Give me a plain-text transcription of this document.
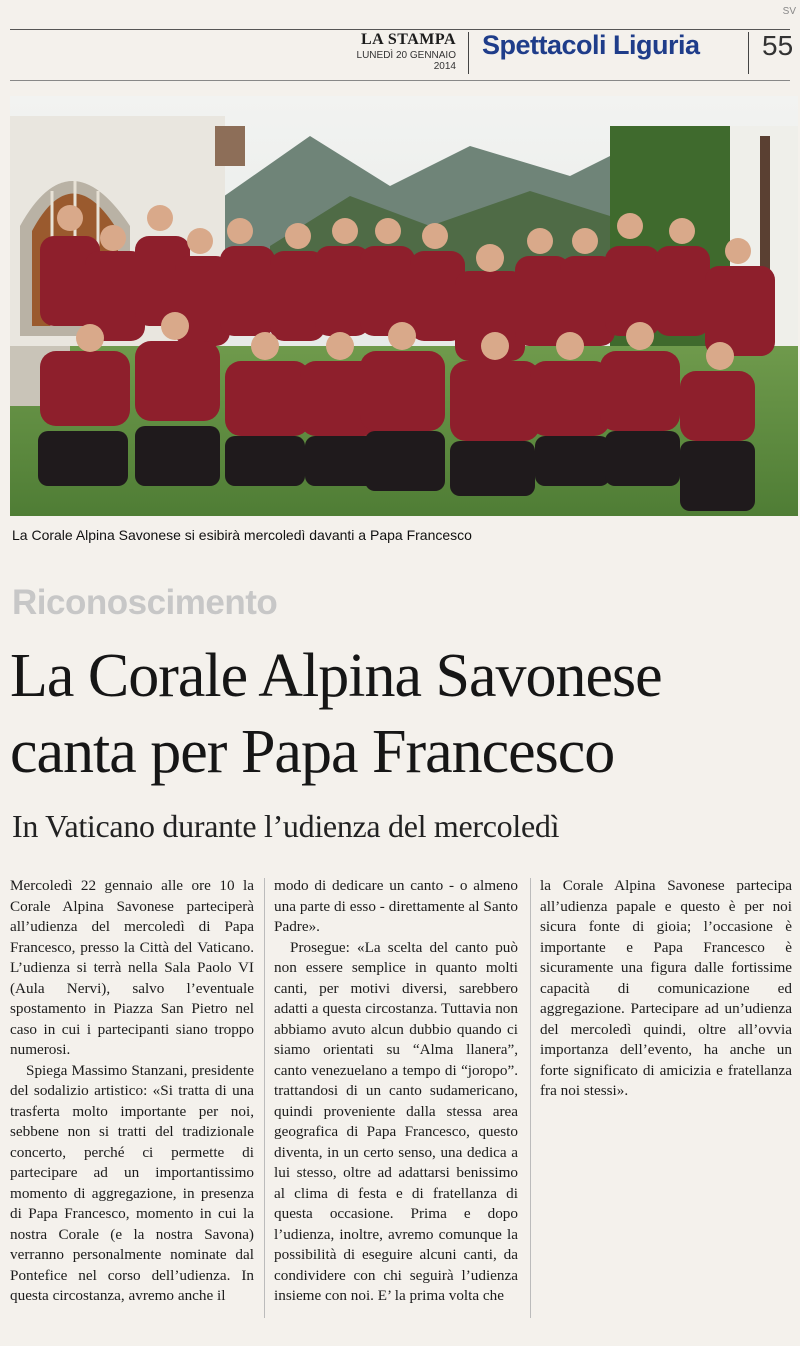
SV
LA STAMPA
LUNEDÌ 20 GENNAIO 2014
Spettacoli Liguria 55
La Corale Alpina Savonese si esibirà mercoledì davanti a Papa Francesco
Riconoscimento
La Corale Alpina Savonese
canta per Papa Francesco
In Vaticano durante l’udienza del mercoledì

Mercoledì 22 gennaio alle ore 10 la Corale Alpina Savonese parteciperà all’udienza del mercoledì di Papa Francesco, presso la Città del Vaticano. L’udienza si terrà nella Sala Paolo VI (Aula Nervi), salvo l’eventuale spostamento in Piazza San Pietro nel caso in cui i partecipanti siano troppo numerosi.

Spiega Massimo Stanzani, presidente del sodalizio artistico: «Si tratta di una trasferta molto importante per noi, sebbene non si tratti del tradizionale concerto, perché ci permette di partecipare ad un importantissimo momento di aggregazione, in presenza di Papa Francesco, momento in cui la nostra Corale (e la nostra Savona) verranno personalmente nominate dal Pontefice nel corso dell’udienza. In questa circostanza, avremo anche il

modo di dedicare un canto - o almeno una parte di esso - direttamente al Santo Padre».

Prosegue: «La scelta del canto può non essere semplice in quanto molti canti, per motivi diversi, sarebbero adatti a questa circostanza. Tuttavia non abbiamo avuto alcun dubbio quando ci siamo orientati su “Alma llanera”, canto venezuelano a tempo di “joropo”. trattandosi di un canto sudamericano, quindi proveniente dalla stessa area geografica di Papa Francesco, questo diventa, in un certo senso, una dedica a lui stesso, oltre ad adattarsi benissimo al clima di festa e di fratellanza di questa occasione. Prima e dopo l’udienza, inoltre, avremo comunque la possibilità di eseguire alcuni canti, da condividere con chi seguirà l’udienza insieme con noi. E’ la prima volta che

la Corale Alpina Savonese partecipa all’udienza papale e questo è per noi sicura fonte di gioia; l’occasione è importante e Papa Francesco è sicuramente una figura dalle fortissime capacità di comunicazione ed aggregazione. Partecipare ad un’udienza del mercoledì quindi, oltre all’ovvia importanza dell’evento, ha anche un forte significato di amicizia e fratellanza fra noi stessi».
